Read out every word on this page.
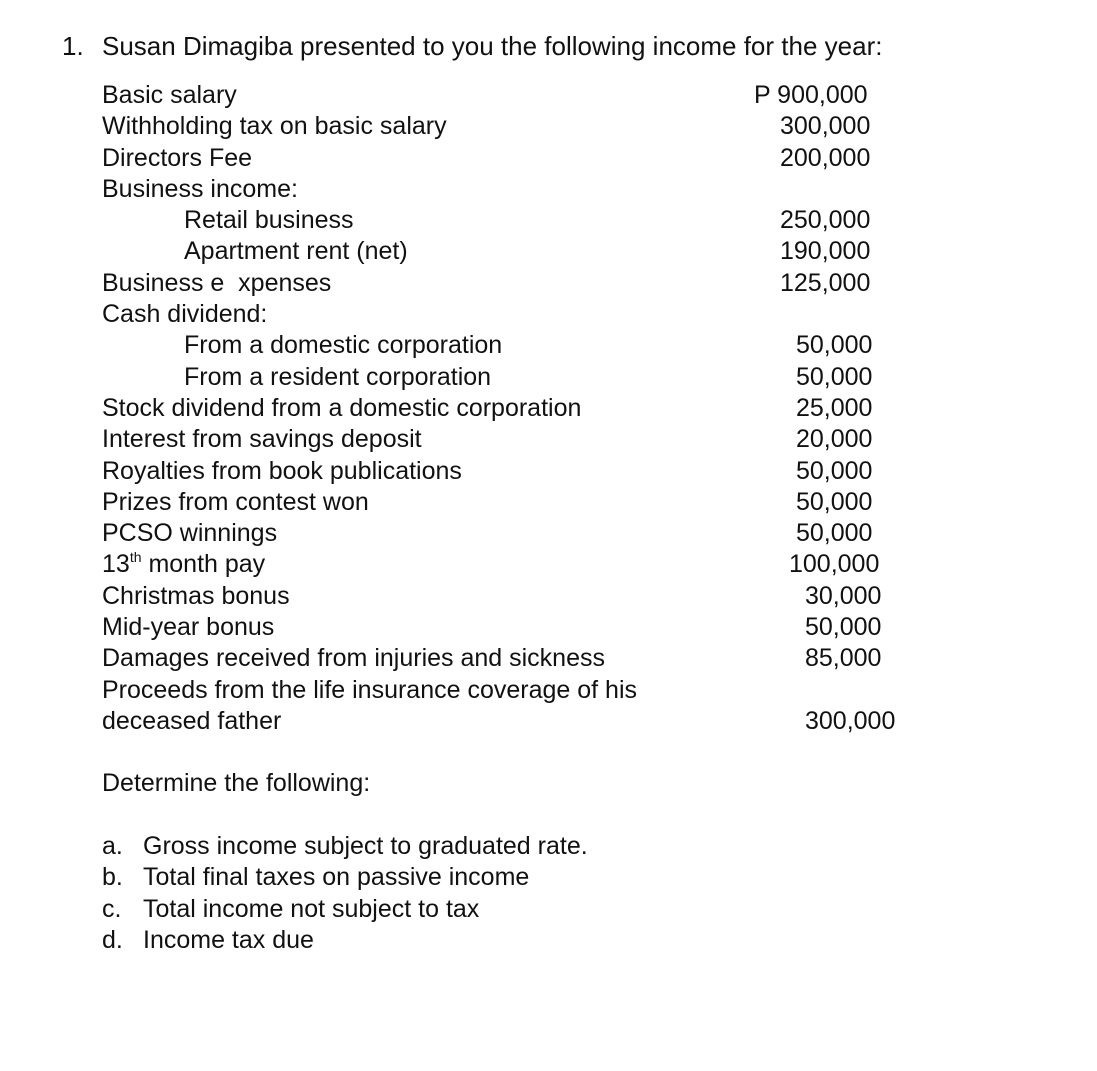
1. Susan Dimagiba presented to you the following income for the year:
Basic salary	P 900,000
Withholding tax on basic salary	300,000
Directors Fee	200,000
Business income:
Retail business	250,000
Apartment rent (net)	190,000
Business e  xpenses	125,000
Cash dividend:
From a domestic corporation	50,000
From a resident corporation	50,000
Stock dividend from a domestic corporation	25,000
Interest from savings deposit	20,000
Royalties from book publications	50,000
Prizes from contest won	50,000
PCSO winnings	50,000
13th month pay	100,000
Christmas bonus	30,000
Mid-year bonus	50,000
Damages received from injuries and sickness	85,000
Proceeds from the life insurance coverage of his deceased father	300,000
Determine the following:
a. Gross income subject to graduated rate.
b. Total final taxes on passive income
c. Total income not subject to tax
d. Income tax due
